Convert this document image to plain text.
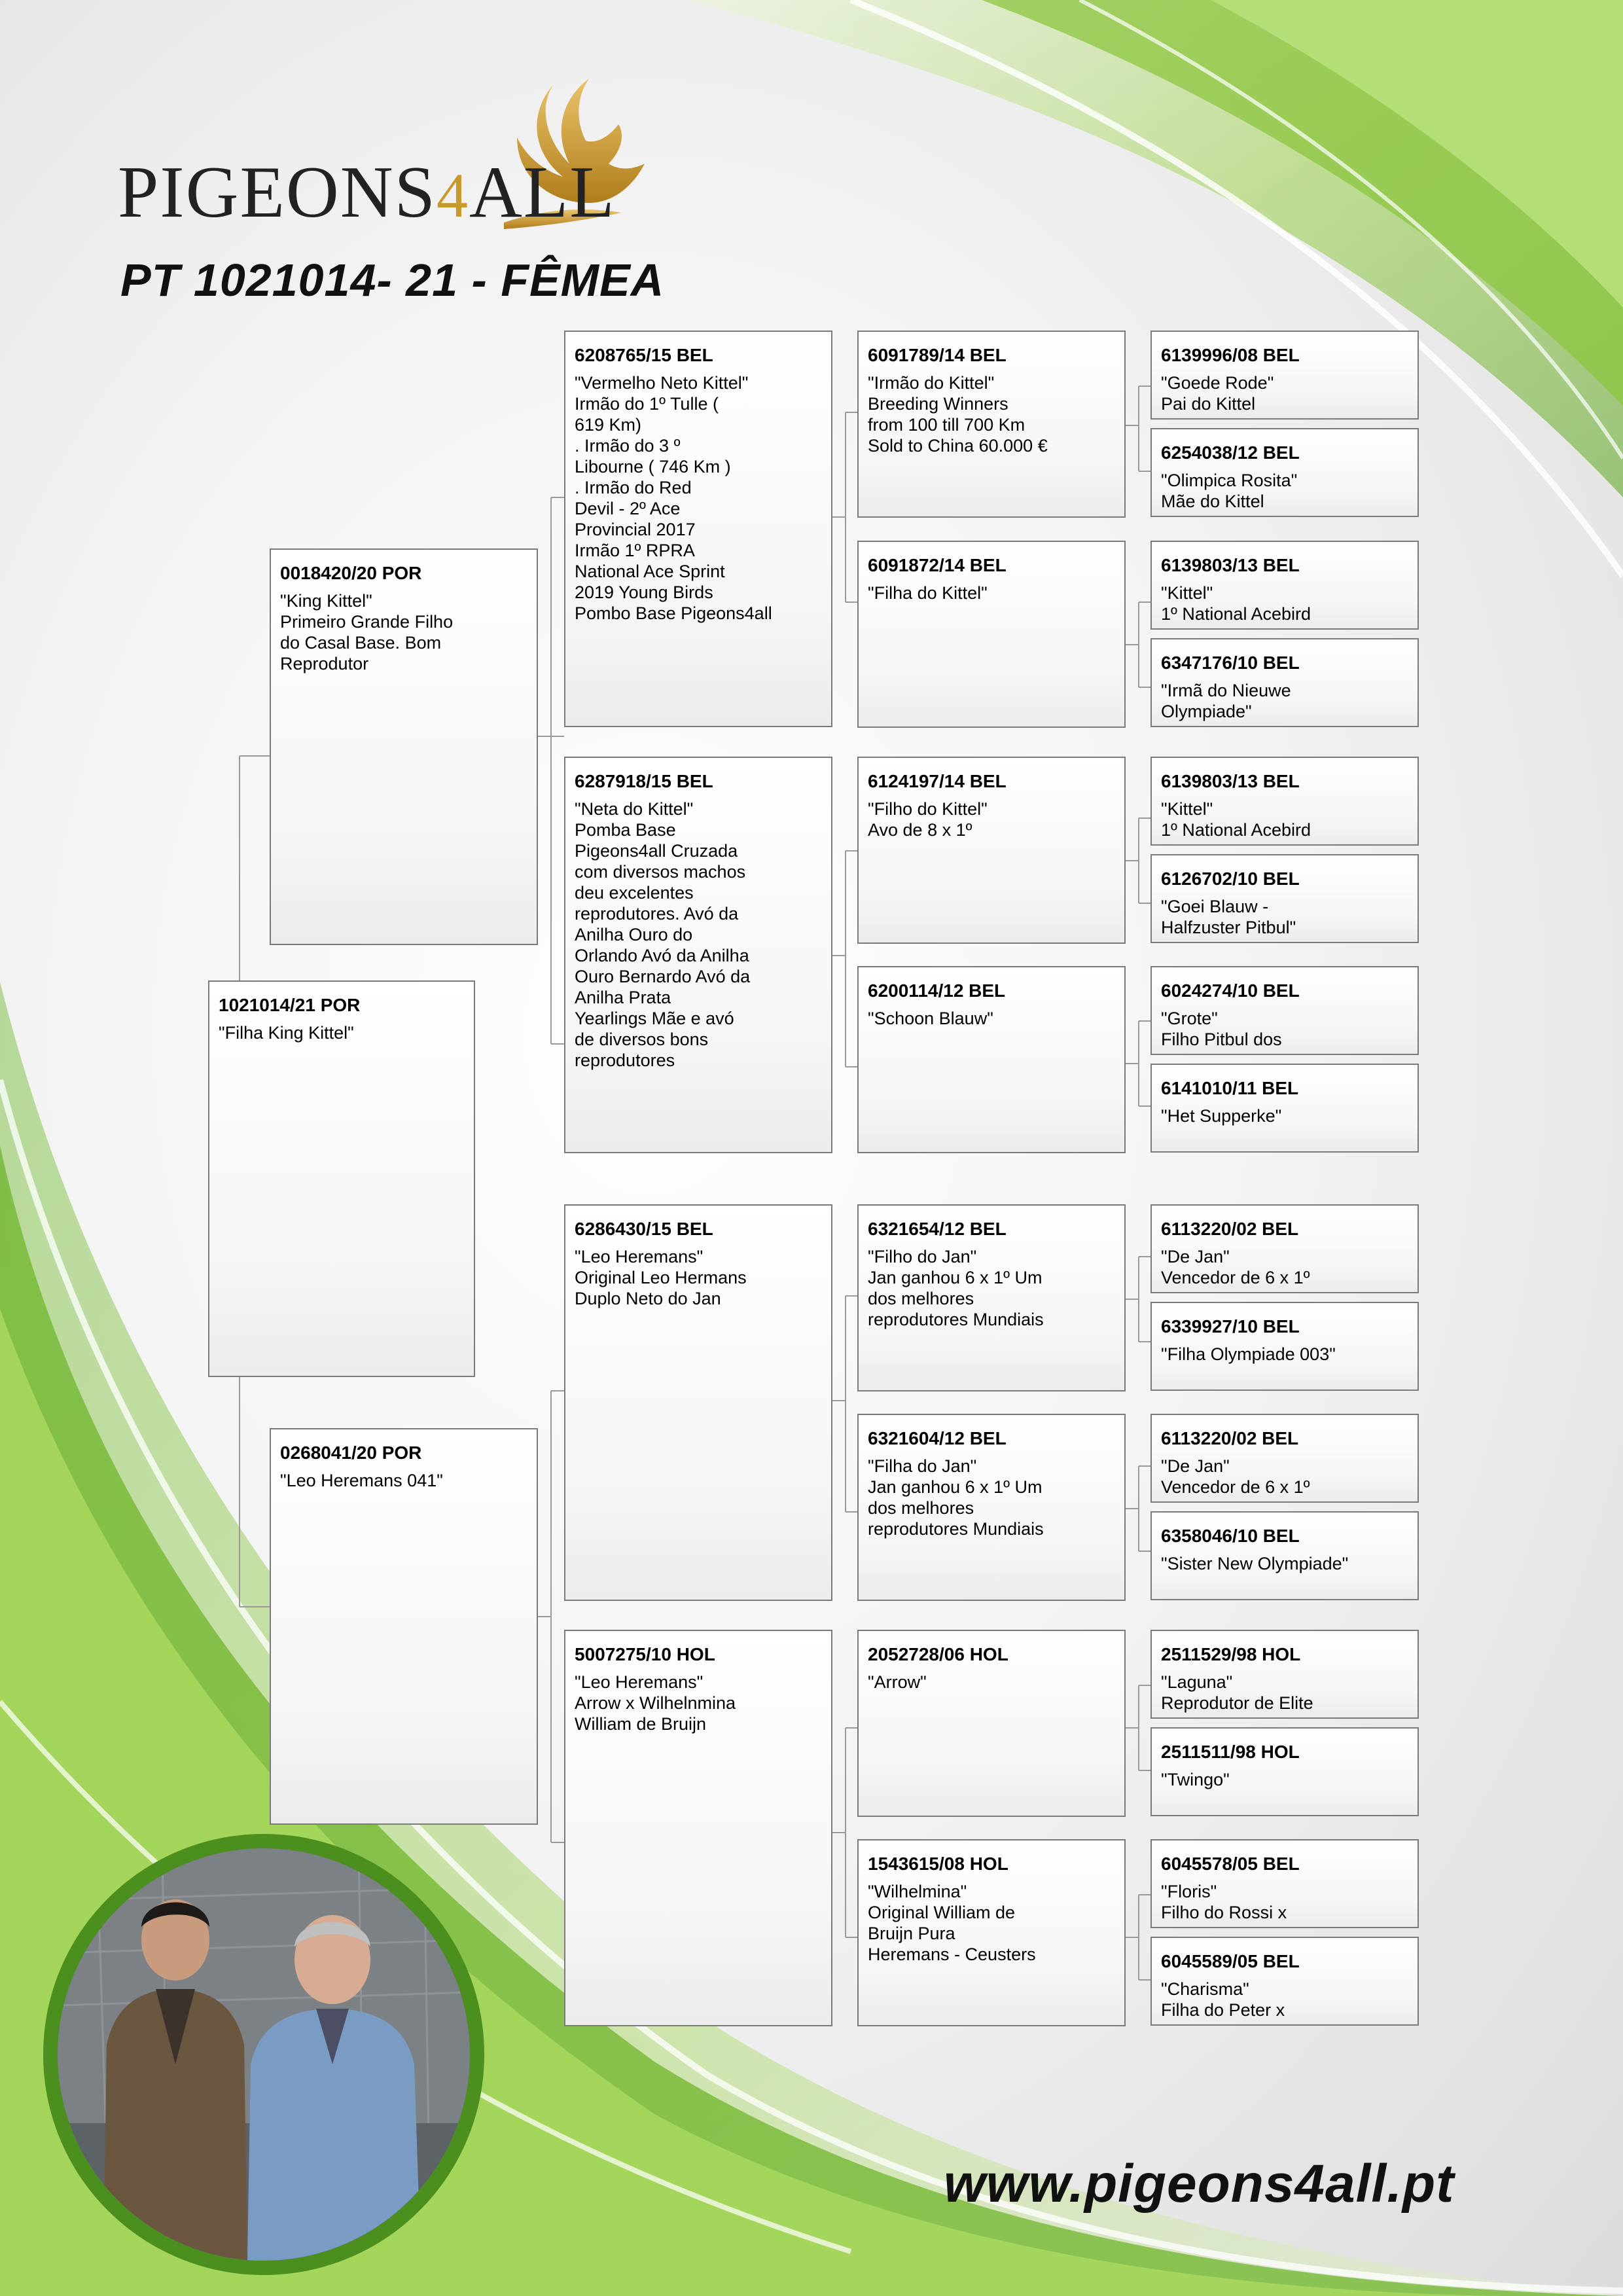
PIGEONS4ALL
PT 1021014- 21 - FÊMEA
1021014/21 POR
"Filha King Kittel"
0018420/20 POR
"King Kittel"
Primeiro Grande Filho
do Casal Base. Bom
Reprodutor
0268041/20 POR
"Leo Heremans 041"
6208765/15 BEL
"Vermelho Neto Kittel"
Irmão do 1º Tulle (
619 Km)
. Irmão do 3 º
Libourne ( 746 Km )
. Irmão do Red
Devil - 2º Ace
Provincial 2017
Irmão 1º RPRA
National Ace Sprint
2019 Young Birds
Pombo Base Pigeons4all
6287918/15 BEL
"Neta do Kittel"
Pomba Base
Pigeons4all Cruzada
com diversos machos
deu excelentes
reprodutores. Avó da
Anilha Ouro do
Orlando Avó da Anilha
Ouro Bernardo Avó da
Anilha Prata
Yearlings Mãe e avó
de diversos bons
reprodutores
6286430/15 BEL
"Leo Heremans"
Original Leo Hermans
Duplo Neto do Jan
5007275/10 HOL
"Leo Heremans"
Arrow x Wilhelnmina
William de Bruijn
6091789/14 BEL
"Irmão do Kittel"
Breeding Winners
from 100 till 700 Km
Sold to China 60.000 €
6091872/14 BEL
"Filha do Kittel"
6124197/14 BEL
"Filho do Kittel"
Avo de 8 x 1º
6200114/12 BEL
"Schoon Blauw"
6321654/12 BEL
"Filho do Jan"
Jan ganhou 6 x 1º Um
dos melhores
reprodutores Mundiais
6321604/12 BEL
"Filha do Jan"
Jan ganhou 6 x 1º Um
dos melhores
reprodutores Mundiais
2052728/06 HOL
"Arrow"
1543615/08 HOL
"Wilhelmina"
Original William de
Bruijn Pura
Heremans - Ceusters
6139996/08 BEL
"Goede Rode"
Pai do Kittel
6254038/12 BEL
"Olimpica Rosita"
Mãe do Kittel
6139803/13 BEL
"Kittel"
1º National Acebird
6347176/10 BEL
"Irmã do Nieuwe
Olympiade"
6139803/13 BEL
"Kittel"
1º National Acebird
6126702/10 BEL
"Goei Blauw -
Halfzuster Pitbul"
6024274/10 BEL
"Grote"
Filho Pitbul dos
6141010/11 BEL
"Het Supperke"
6113220/02 BEL
"De Jan"
Vencedor de 6 x 1º
6339927/10 BEL
"Filha Olympiade 003"
6113220/02 BEL
"De Jan"
Vencedor de 6 x 1º
6358046/10 BEL
"Sister New Olympiade"
2511529/98 HOL
"Laguna"
Reprodutor de Elite
2511511/98 HOL
"Twingo"
6045578/05 BEL
"Floris"
Filho do Rossi x
6045589/05 BEL
"Charisma"
Filha do Peter x
www.pigeons4all.pt
